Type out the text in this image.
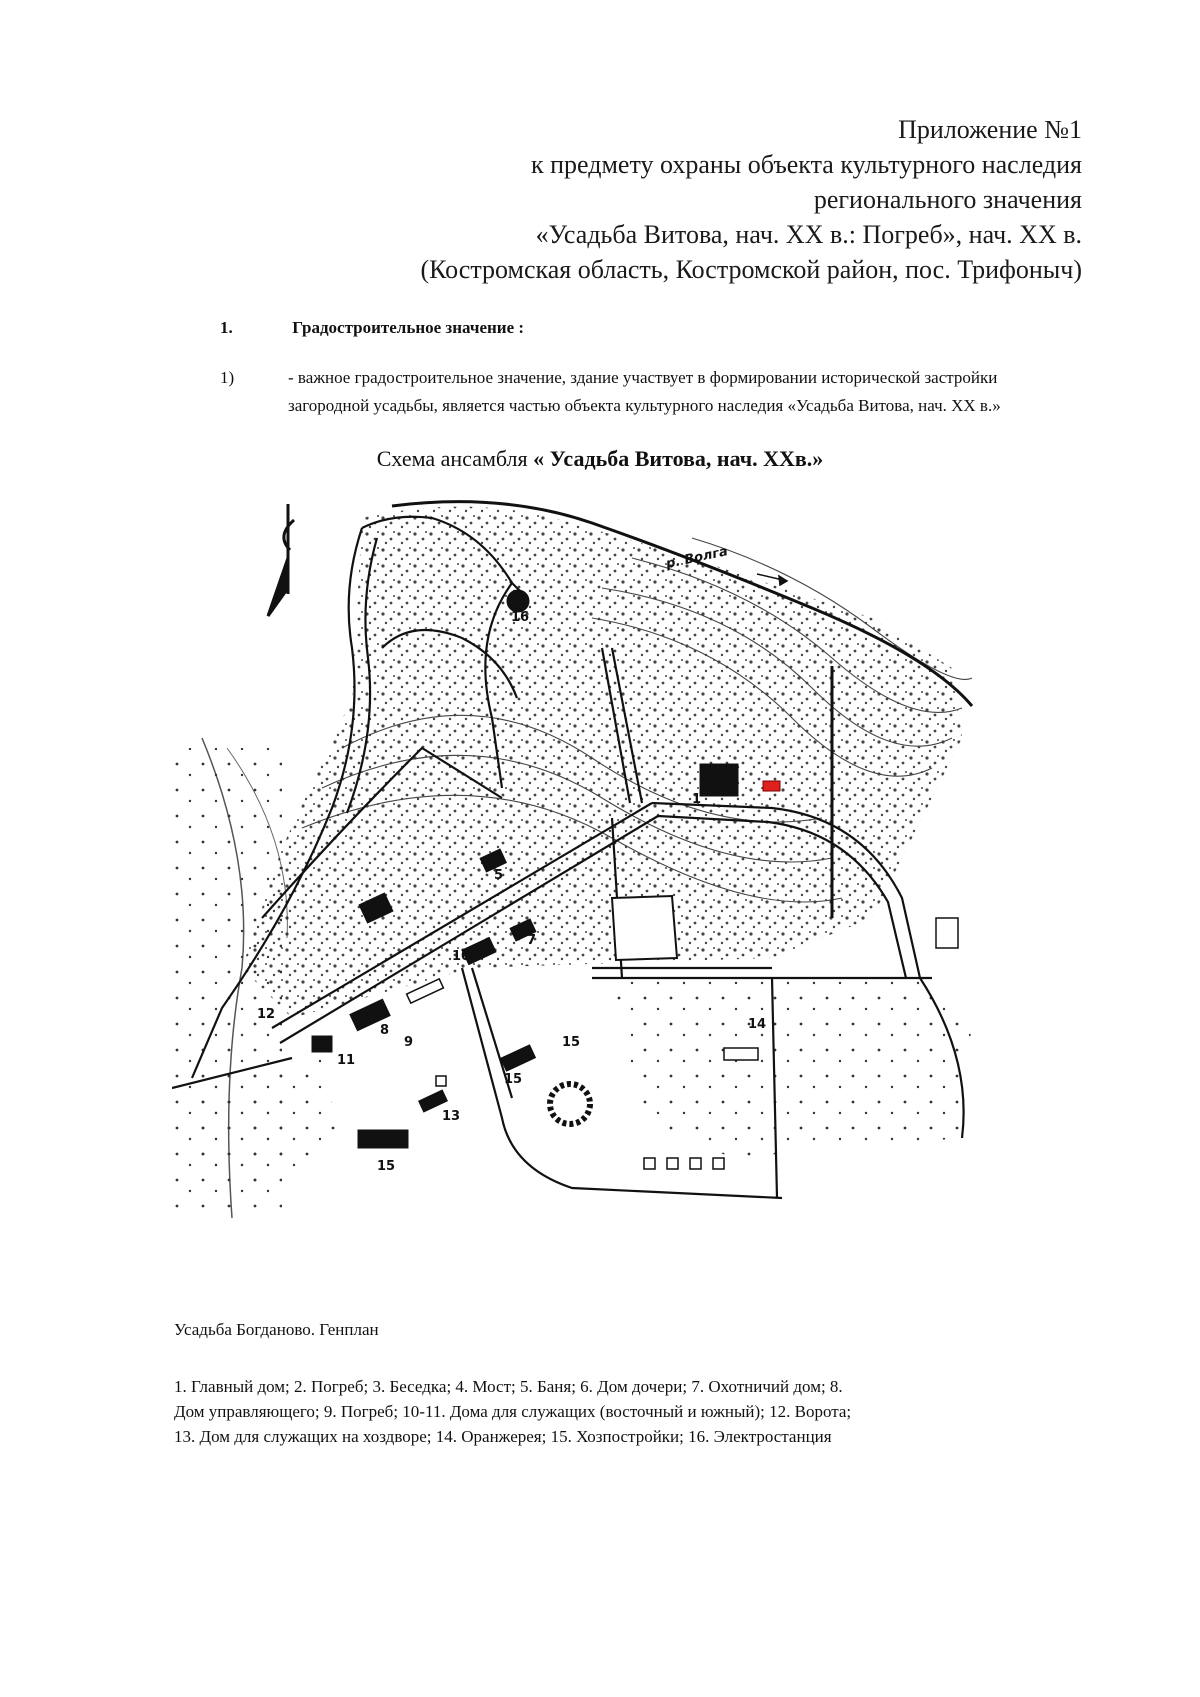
Приложение №1
к предмету охраны объекта культурного наследия
регионального значения
«Усадьба Витова, нач. XX в.: Погреб», нач. XX в.
(Костромская область, Костромской район, пос. Трифоныч)
1.	Градостроительное значение :
1)	- важное градостроительное значение, здание участвует в формировании исторической застройки загородной усадьбы, является частью объекта культурного наследия «Усадьба Витова, нач. XX в.»
Схема ансамбля « Усадьба Витова, нач. XXв.»
р. Волга
1
5
7
8
9
10
11
12
13
14
15
15
15
16
Усадьба Богданово. Генплан
1. Главный дом; 2. Погреб; 3. Беседка; 4. Мост; 5. Баня; 6. Дом дочери; 7. Охотничий дом; 8.
Дом управляющего; 9. Погреб; 10-11. Дома для служащих (восточный и южный); 12. Ворота;
13. Дом для служащих на хоздворе; 14. Оранжерея; 15. Хозпостройки; 16. Электростанция
